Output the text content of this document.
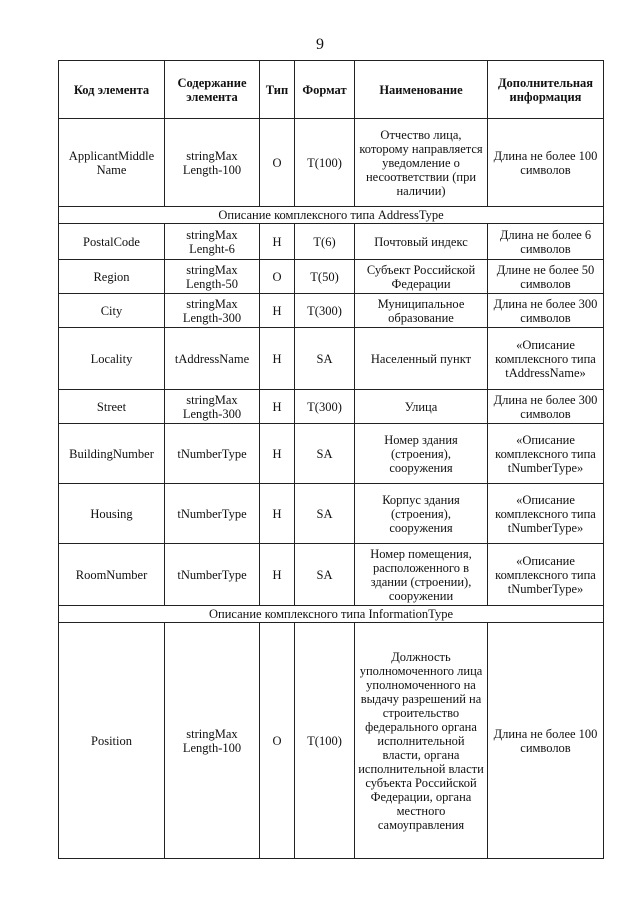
9
Код элемента	Содержание элемента	Тип	Формат	Наименование	Дополнительная информация
ApplicantMiddle Name	stringMax Length-100	О	T(100)	Отчество лица, которому направляется уведомление о несоответствии (при наличии)	Длина не более 100 символов
Описание комплексного типа AddressType					
PostalCode	stringMax Lenght-6	Н	T(6)	Почтовый индекс	Длина не более 6 символов
Region	stringMax Length-50	О	T(50)	Субъект Российской Федерации	Длине не более 50 символов
City	stringMax Length-300	Н	T(300)	Муниципальное образование	Длина не более 300 символов
Locality	tAddressName	Н	SA	Населенный пункт	«Описание комплексного типа tAddressName»
Street	stringMax Length-300	Н	T(300)	Улица	Длина не более 300 символов
BuildingNumber	tNumberType	Н	SA	Номер здания (строения), сооружения	«Описание комплексного типа tNumberType»
Housing	tNumberType	Н	SA	Корпус здания (строения), сооружения	«Описание комплексного типа tNumberType»
RoomNumber	tNumberType	Н	SA	Номер помещения, расположенного в здании (строении), сооружении	«Описание комплексного типа tNumberType»
Описание комплексного типа InformationType					
Position	stringMax Length-100	О	T(100)	Должность уполномоченного лица уполномоченного на выдачу разрешений на строительство федерального органа исполнительной власти, органа исполнительной власти субъекта Российской Федерации, органа местного самоуправления	Длина не более 100 символов
